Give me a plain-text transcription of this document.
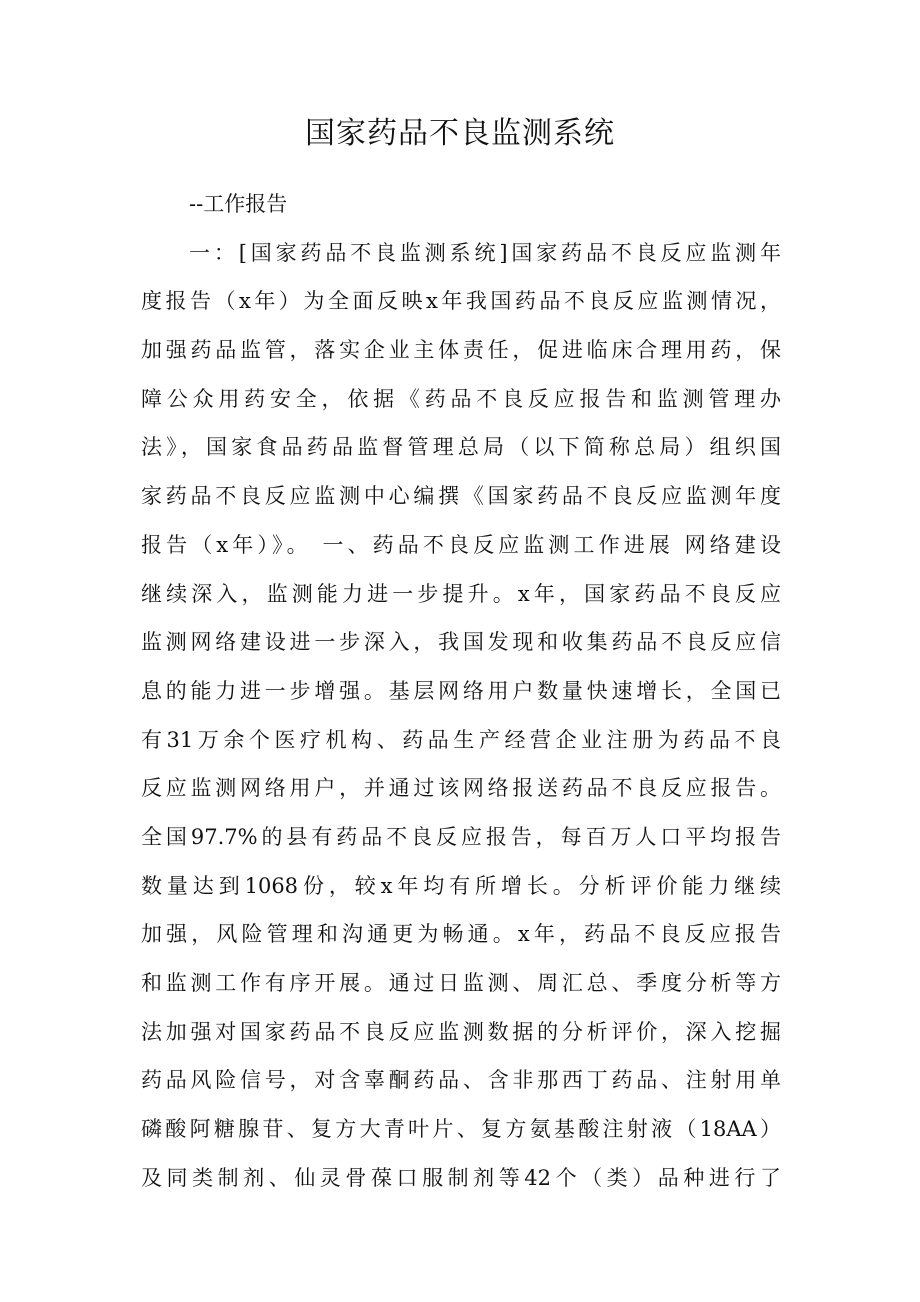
国家药品不良监测系统
--工作报告
一：[国家药品不良监测系统]国家药品不良反应监测年
度报告（x年）为全面反映x年我国药品不良反应监测情况，
加强药品监管，落实企业主体责任，促进临床合理用药，保
障公众用药安全，依据《药品不良反应报告和监测管理办
法》，国家食品药品监督管理总局（以下简称总局）组织国
家药品不良反应监测中心编撰《国家药品不良反应监测年度
报告（x年）》。 一、药品不良反应监测工作进展 网络建设
继续深入，监测能力进一步提升。x年，国家药品不良反应
监测网络建设进一步深入，我国发现和收集药品不良反应信
息的能力进一步增强。基层网络用户数量快速增长，全国已
有31万余个医疗机构、药品生产经营企业注册为药品不良
反应监测网络用户，并通过该网络报送药品不良反应报告。
全国97.7%的县有药品不良反应报告，每百万人口平均报告
数量达到1068份，较x年均有所增长。分析评价能力继续
加强，风险管理和沟通更为畅通。x年，药品不良反应报告
和监测工作有序开展。通过日监测、周汇总、季度分析等方
法加强对国家药品不良反应监测数据的分析评价，深入挖掘
药品风险信号，对含辜酮药品、含非那西丁药品、注射用单
磷酸阿糖腺苷、复方大青叶片、复方氨基酸注射液（18AA）
及同类制剂、仙灵骨葆口服制剂等42个（类）品种进行了
